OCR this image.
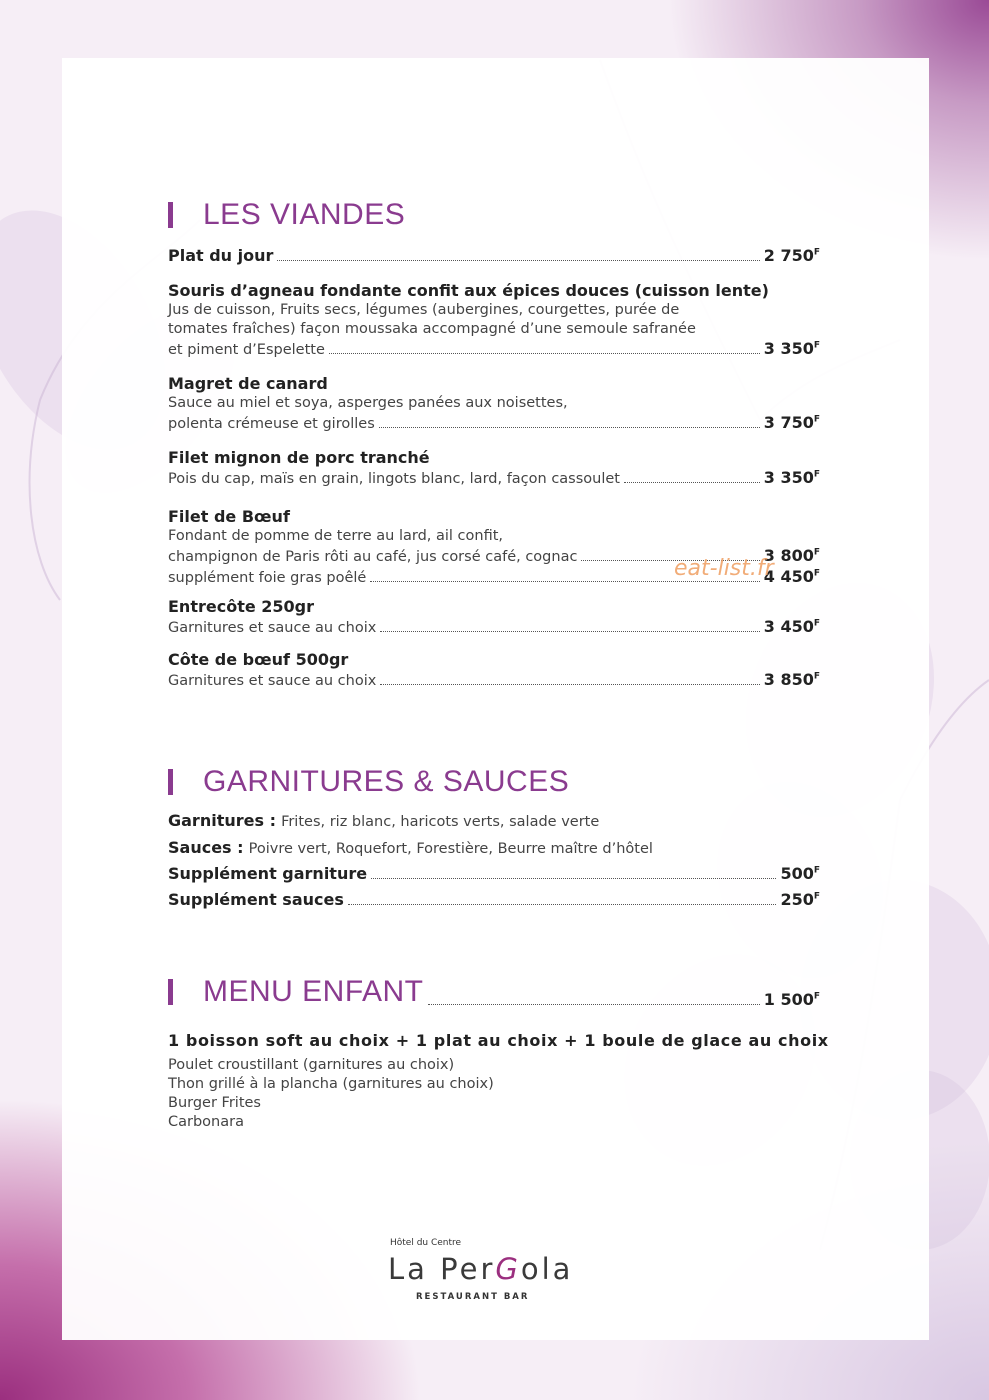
LES VIANDES
Plat du jour	2 $750^F$
Souris d’agneau fondante confit aux épices douces (cuisson lente)
Jus de cuisson, Fruits secs, légumes (aubergines, courgettes, purée de
tomates fraîches) façon moussaka accompagné d’une semoule safranée
et piment d’Espelette	3 $350^F$
Magret de canard
Sauce au miel et soya, asperges panées aux noisettes,
polenta crémeuse et girolles	3 $750^F$
Filet mignon de porc tranché
Pois du cap, maïs en grain, lingots blanc, lard, façon cassoulet	3 $350^F$
Filet de Bœuf
Fondant de pomme de terre au lard, ail confit,
champignon de Paris rôti au café, jus corsé café, cognac	3 $800^F$
supplément foie gras poêlé	4 $450^F$
Entrecôte 250gr
Garnitures et sauce au choix	3 $450^F$
Côte de bœuf 500gr
Garnitures et sauce au choix	3 $850^F$
eat-list.fr
GARNITURES & SAUCES
Garnitures : Frites, riz blanc, haricots verts, salade verte
Sauces : Poivre vert, Roquefort, Forestière, Beurre maître d’hôtel
Supplément garniture	$500^F$
Supplément sauces	$250^F$
MENU ENFANT	1 $500^F$
1 boisson soft au choix + 1 plat au choix + 1 boule de glace au choix
Poulet croustillant (garnitures au choix)
Thon grillé à la plancha (garnitures au choix)
Burger Frites
Carbonara
Hôtel du Centre
La PerGola
RESTAURANT BAR
